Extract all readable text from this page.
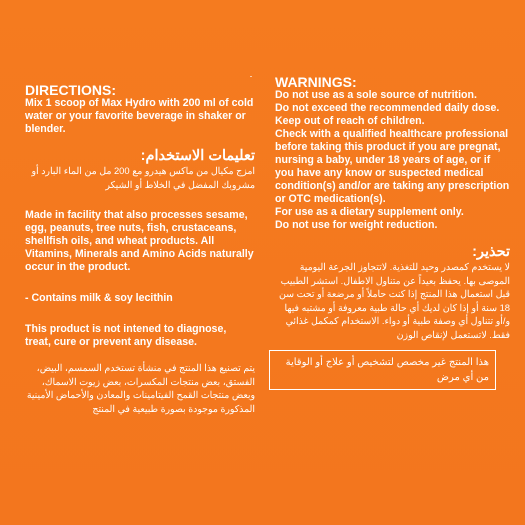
DIRECTIONS:

Mix 1 scoop of Max Hydro with 200 ml of cold water or your favorite beverage in shaker or blender.

تعليمات الاستخدام:

امزج مكيال من ماكس هيدرو مع 200 مل من الماء البارد أو مشروبك المفضل في الخلاط أو الشيكر

Made in facility that also processes sesame, egg, peanuts, tree nuts, fish, crustaceans, shellfish oils, and wheat products. All Vitamins, Minerals and Amino Acids naturally occur in the product.

- Contains milk & soy lecithin

This product is not intened to diagnose, treat, cure or prevent any disease.

يتم تصنيع هذا المنتج في منشأة تستخدم السمسم، البيض، الفستق، بعض منتجات المكسرات، بعض زيوت الاسماك، وبعض منتجات القمح الفيتامينات والمعادن والأحماض الأمينية المذكورة موجودة بصورة طبيعية في المنتج

WARNINGS:

Do not use as a sole source of nutrition.

Do not exceed the recommended daily dose.

Keep out of reach of children.

Check with a qualified healthcare professional before taking this product if you are pregnat, nursing a baby, under 18 years of age, or if you have any know or suspected medical condition(s) and/or are taking any prescription or OTC medication(s).

For use as a dietary supplement only.

Do not use for weight reduction.

تحذير:

لا يستخدم كمصدر وحيد للتغذية. لاتتجاوز الجرعة اليومية الموصى بها. يحفظ بعيداً عن متناول الاطفال. استشر الطبيب قبل استعمال هذا المنتج إذا كنت حاملاً أو مرضعة أو تحت سن 18 سنة أو إذا كان لديك أي حالة طبية معروفة أو مشتبه فيها و/أو تتناول أي وصفة طبية أو دواء. الاستخدام كمكمل غذائي فقط. لاتستعمل لإنقاص الوزن

هذا المنتج غير مخصص لتشخيص أو علاج أو الوقاية من أي مرض
